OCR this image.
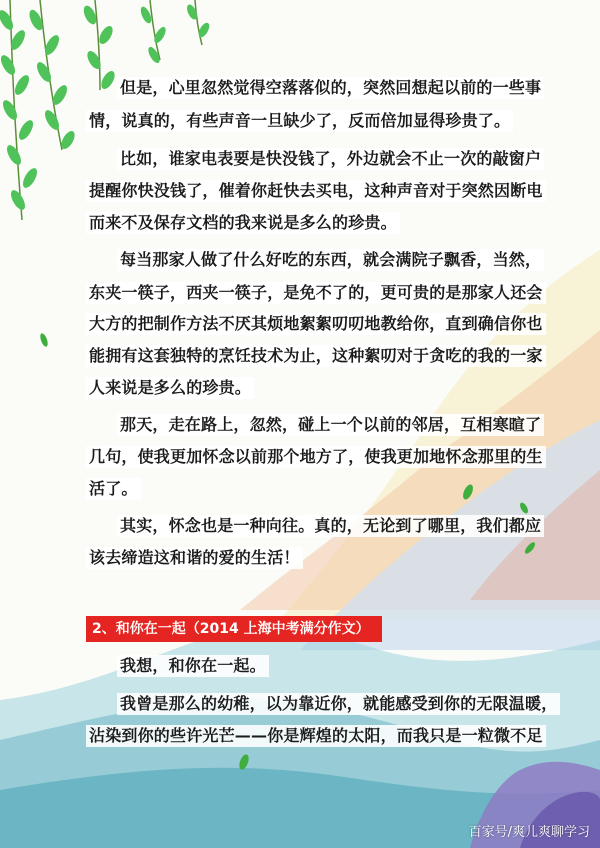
但是，心里忽然觉得空落落似的，突然回想起以前的一些事
情，说真的，有些声音一旦缺少了，反而倍加显得珍贵了。
比如，谁家电表要是快没钱了，外边就会不止一次的敲窗户
提醒你快没钱了，催着你赶快去买电，这种声音对于突然因断电
而来不及保存文档的我来说是多么的珍贵。
每当那家人做了什么好吃的东西，就会满院子飘香，当然，
东夹一筷子，西夹一筷子，是免不了的，更可贵的是那家人还会
大方的把制作方法不厌其烦地絮絮叨叨地教给你，直到确信你也
能拥有这套独特的烹饪技术为止，这种絮叨对于贪吃的我的一家
人来说是多么的珍贵。
那天，走在路上，忽然，碰上一个以前的邻居，互相寒暄了
几句，使我更加怀念以前那个地方了，使我更加地怀念那里的生
活了。
其实，怀念也是一种向往。真的，无论到了哪里，我们都应
该去缔造这和谐的爱的生活！
2、和你在一起（2014 上海中考满分作文）
我想，和你在一起。
我曾是那么的幼稚，以为靠近你，就能感受到你的无限温暖，
沾染到你的些许光芒——你是辉煌的太阳，而我只是一粒微不足
百家号/爽儿爽聊学习
